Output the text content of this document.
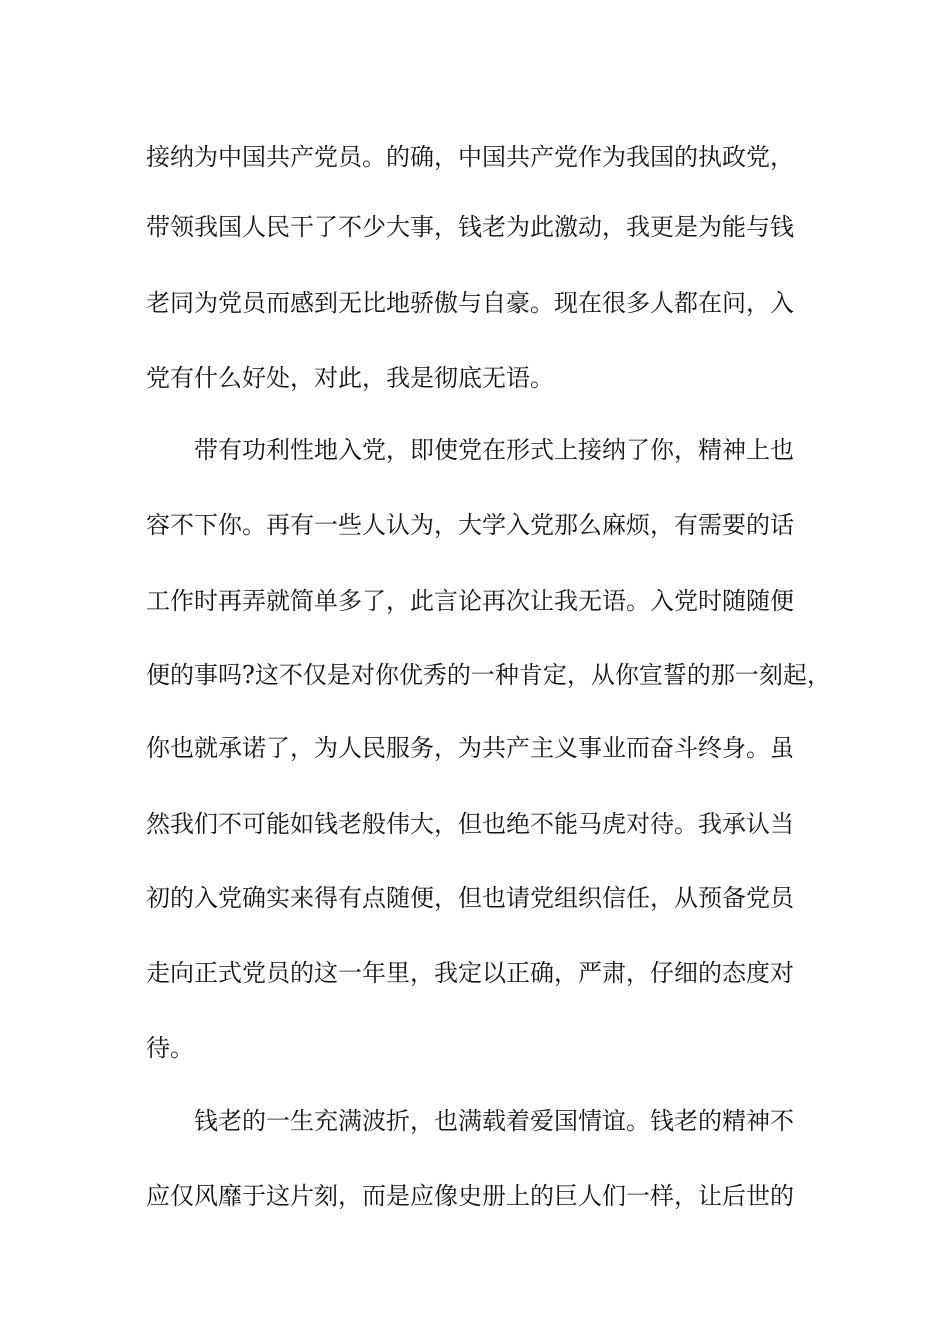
接纳为中国共产党员。的确，中国共产党作为我国的执政党，

带领我国人民干了不少大事，钱老为此激动，我更是为能与钱

老同为党员而感到无比地骄傲与自豪。现在很多人都在问，入

党有什么好处，对此，我是彻底无语。

带有功利性地入党，即使党在形式上接纳了你，精神上也

容不下你。再有一些人认为，大学入党那么麻烦，有需要的话

工作时再弄就简单多了，此言论再次让我无语。入党时随随便

便的事吗?这不仅是对你优秀的一种肯定，从你宣誓的那一刻起，

你也就承诺了，为人民服务，为共产主义事业而奋斗终身。虽

然我们不可能如钱老般伟大，但也绝不能马虎对待。我承认当

初的入党确实来得有点随便，但也请党组织信任，从预备党员

走向正式党员的这一年里，我定以正确，严肃，仔细的态度对

待。

钱老的一生充满波折，也满载着爱国情谊。钱老的精神不

应仅风靡于这片刻，而是应像史册上的巨人们一样，让后世的
